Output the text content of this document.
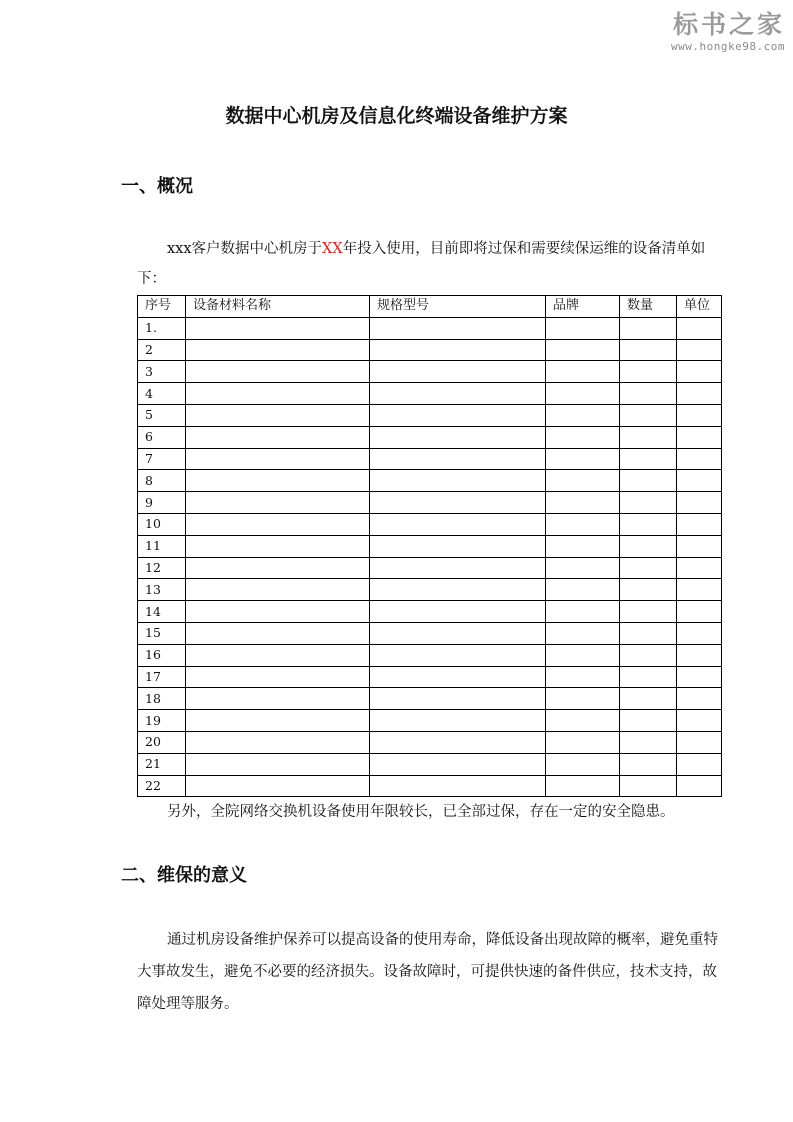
标书之家
www.hongke98.com
数据中心机房及信息化终端设备维护方案
一、概况
xxx客户数据中心机房于XX年投入使用，目前即将过保和需要续保运维的设备清单如下：
序号	设备材料名称	规格型号	品牌	数量	单位
1.					
2					
3					
4					
5					
6					
7					
8					
9					
10					
11					
12					
13					
14					
15					
16					
17					
18					
19					
20					
21					
22					
另外，全院网络交换机设备使用年限较长，已全部过保，存在一定的安全隐患。
二、维保的意义
通过机房设备维护保养可以提高设备的使用寿命，降低设备出现故障的概率，避免重特大事故发生，避免不必要的经济损失。设备故障时，可提供快速的备件供应，技术支持，故障处理等服务。
